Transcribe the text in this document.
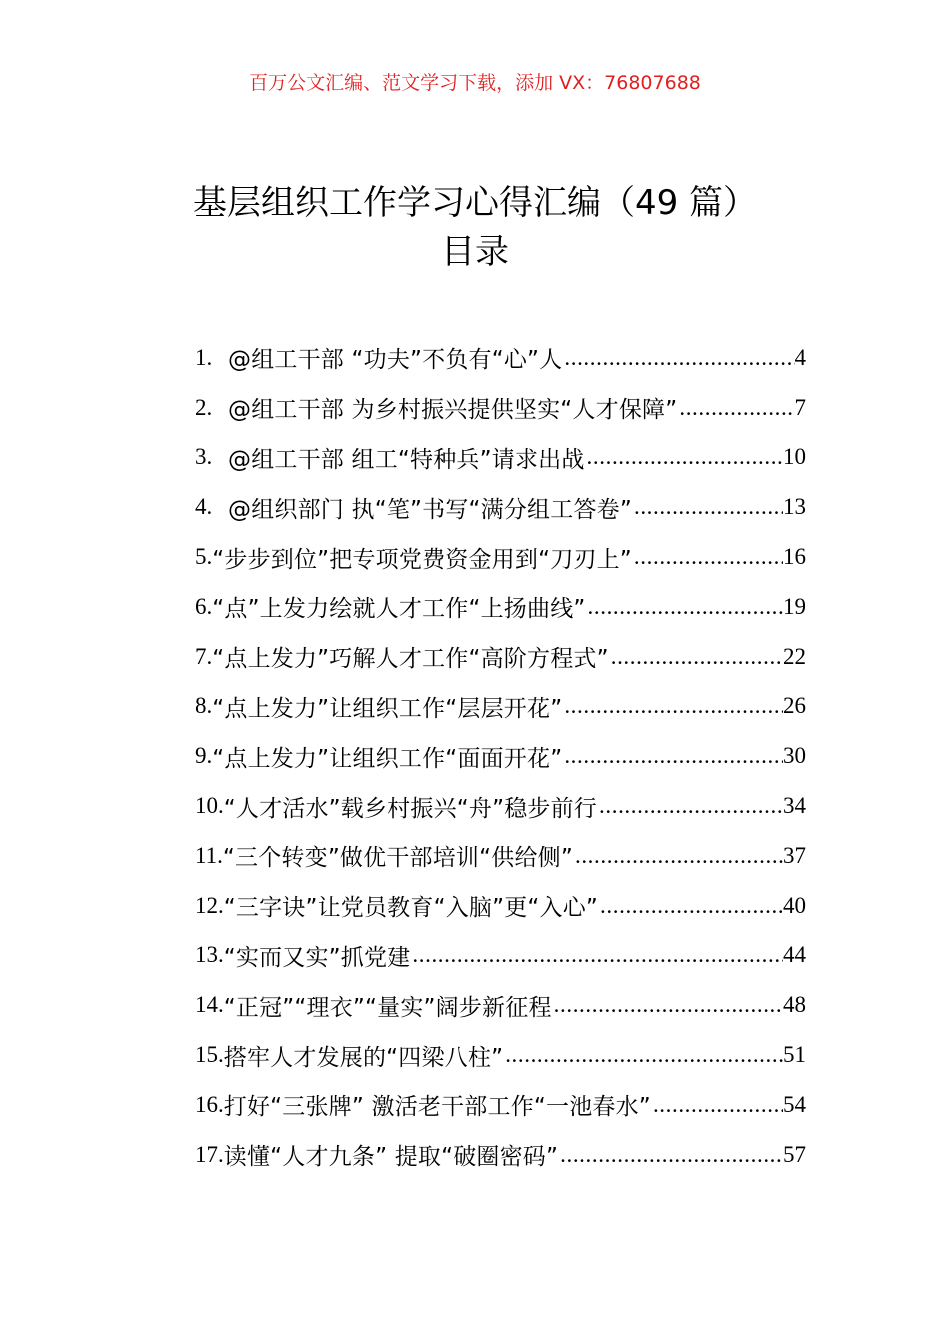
百万公文汇编、范文学习下载，添加 VX：76807688
基层组织工作学习心得汇编（49 篇）
目录
1. @组工干部 “功夫”不负有“心”人 .....	4
2. @组工干部 为乡村振兴提供坚实“人才保障” .....	7
3. @组工干部 组工“特种兵”请求出战 .....	10
4. @组织部门 执“笔”书写“满分组工答卷” .....	13
5. “步步到位”把专项党费资金用到“刀刃上” .....	16
6. “点”上发力绘就人才工作“上扬曲线” .....	19
7. “点上发力”巧解人才工作“高阶方程式” .....	22
8. “点上发力”让组织工作“层层开花” .....	26
9. “点上发力”让组织工作“面面开花” .....	30
10. “人才活水”载乡村振兴“舟”稳步前行 .....	34
11. “三个转变”做优干部培训“供给侧” .....	37
12. “三字诀”让党员教育“入脑”更“入心” .....	40
13. “实而又实”抓党建 .....	44
14. “正冠”“理衣”“量实”阔步新征程 .....	48
15. 搭牢人才发展的“四梁八柱” .....	51
16. 打好“三张牌” 激活老干部工作“一池春水” .....	54
17. 读懂“人才九条” 提取“破圈密码” .....	57
